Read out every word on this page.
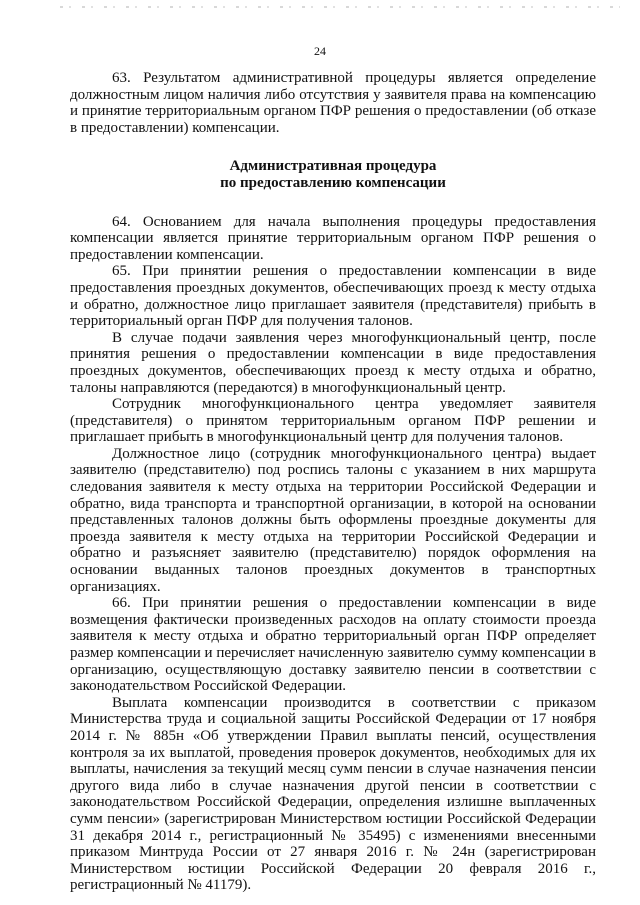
24

63. Результатом административной процедуры является определение должностным лицом наличия либо отсутствия у заявителя права на компенсацию и принятие территориальным органом ПФР решения о предоставлении (об отказе в предоставлении) компенсации.

Административная процедура
по предоставлению компенсации

64. Основанием для начала выполнения процедуры предоставления компенсации является принятие территориальным органом ПФР решения о предоставлении компенсации.

65. При принятии решения о предоставлении компенсации в виде предоставления проездных документов, обеспечивающих проезд к месту отдыха и обратно, должностное лицо приглашает заявителя (представителя) прибыть в территориальный орган ПФР для получения талонов.

В случае подачи заявления через многофункциональный центр, после принятия решения о предоставлении компенсации в виде предоставления проездных документов, обеспечивающих проезд к месту отдыха и обратно, талоны направляются (передаются) в многофункциональный центр.

Сотрудник многофункционального центра уведомляет заявителя (представителя) о принятом территориальным органом ПФР решении и приглашает прибыть в многофункциональный центр для получения талонов.

Должностное лицо (сотрудник многофункционального центра) выдает заявителю (представителю) под роспись талоны с указанием в них маршрута следования заявителя к месту отдыха на территории Российской Федерации и обратно, вида транспорта и транспортной организации, в которой на основании представленных талонов должны быть оформлены проездные документы для проезда заявителя к месту отдыха на территории Российской Федерации и обратно и разъясняет заявителю (представителю) порядок оформления на основании выданных талонов проездных документов в транспортных организациях.

66. При принятии решения о предоставлении компенсации в виде возмещения фактически произведенных расходов на оплату стоимости проезда заявителя к месту отдыха и обратно территориальный орган ПФР определяет размер компенсации и перечисляет начисленную заявителю сумму компенсации в организацию, осуществляющую доставку заявителю пенсии в соответствии с законодательством Российской Федерации.

Выплата компенсации производится в соответствии с приказом Министерства труда и социальной защиты Российской Федерации от 17 ноября 2014 г. № 885н «Об утверждении Правил выплаты пенсий, осуществления контроля за их выплатой, проведения проверок документов, необходимых для их выплаты, начисления за текущий месяц сумм пенсии в случае назначения пенсии другого вида либо в случае назначения другой пенсии в соответствии с законодательством Российской Федерации, определения излишне выплаченных сумм пенсии» (зарегистрирован Министерством юстиции Российской Федерации 31 декабря 2014 г., регистрационный № 35495) с изменениями внесенными приказом Минтруда России от 27 января 2016 г. № 24н (зарегистрирован Министерством юстиции Российской Федерации 20 февраля 2016 г., регистрационный № 41179).
